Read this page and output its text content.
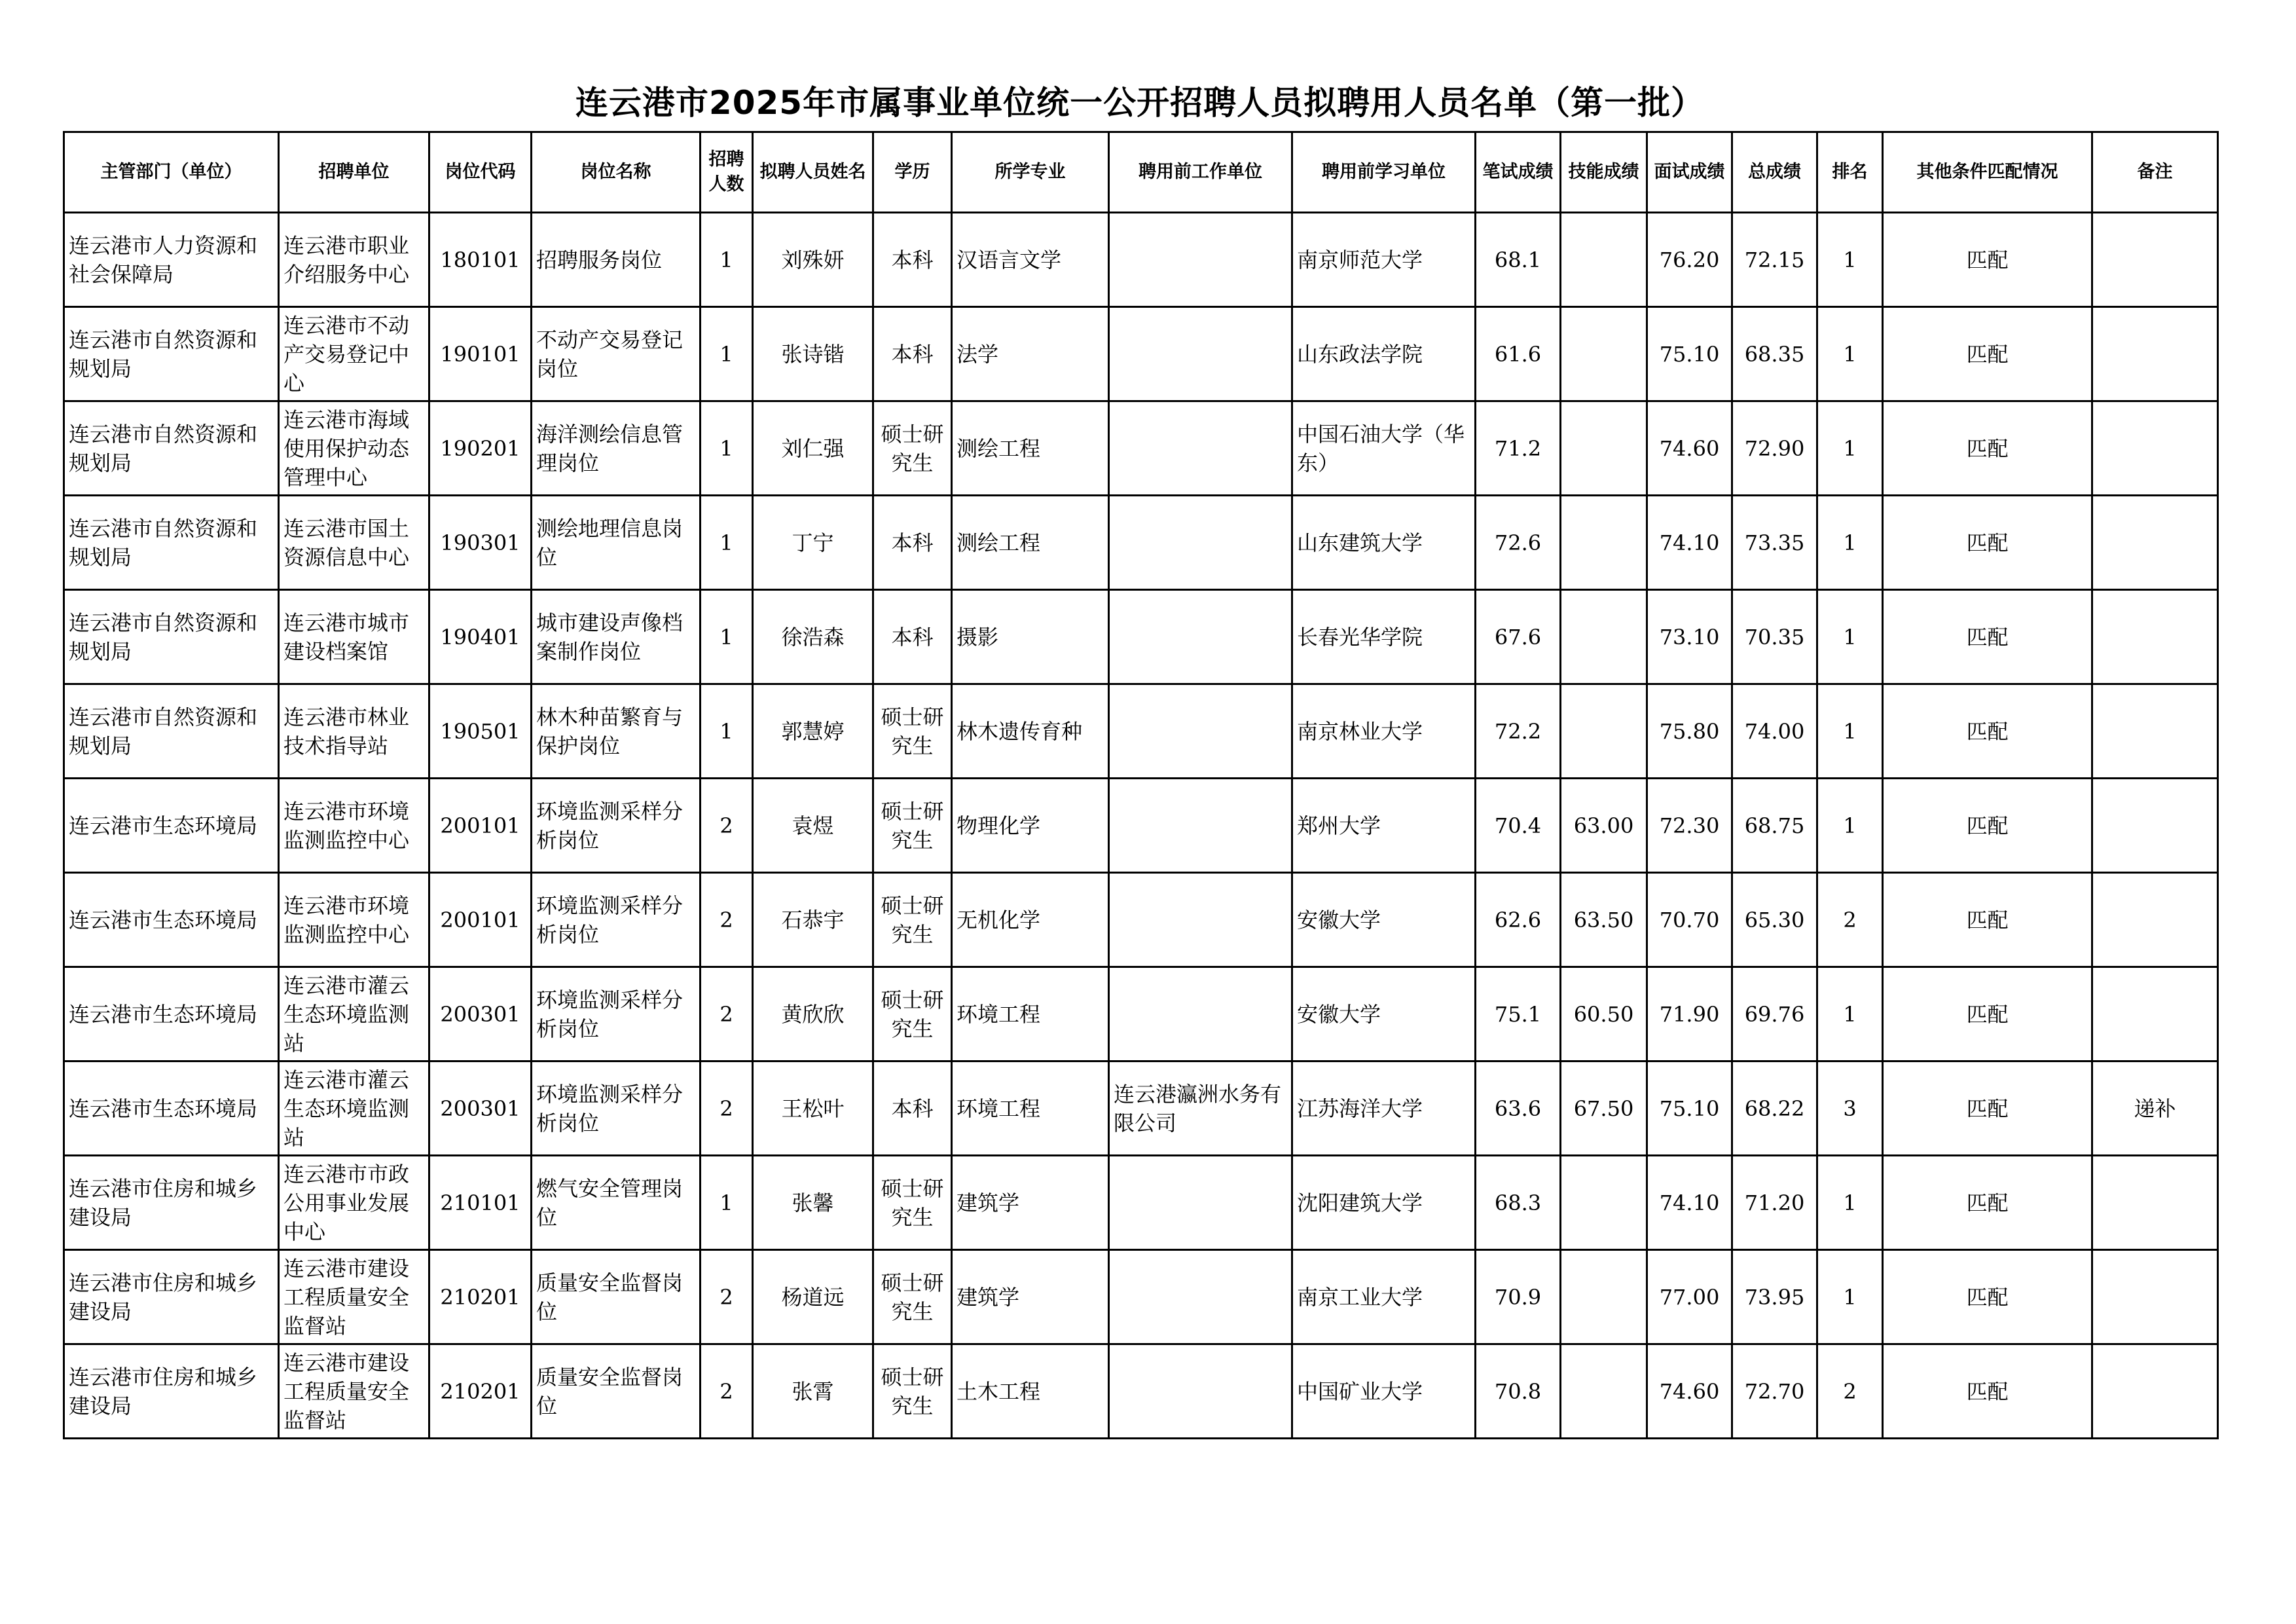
连云港市2025年市属事业单位统一公开招聘人员拟聘用人员名单（第一批）
主管部门（单位）	招聘单位	岗位代码	岗位名称	招聘人数	拟聘人员姓名	学历	所学专业	聘用前工作单位	聘用前学习单位	笔试成绩	技能成绩	面试成绩	总成绩	排名	其他条件匹配情况	备注
连云港市人力资源和社会保障局	连云港市职业介绍服务中心	180101	招聘服务岗位	1	刘殊妍	本科	汉语言文学		南京师范大学	68.1		76.20	72.15	1	匹配	
连云港市自然资源和规划局	连云港市不动产交易登记中心	190101	不动产交易登记岗位	1	张诗锴	本科	法学		山东政法学院	61.6		75.10	68.35	1	匹配	
连云港市自然资源和规划局	连云港市海域使用保护动态管理中心	190201	海洋测绘信息管理岗位	1	刘仁强	硕士研究生	测绘工程		中国石油大学（华东）	71.2		74.60	72.90	1	匹配	
连云港市自然资源和规划局	连云港市国土资源信息中心	190301	测绘地理信息岗位	1	丁宁	本科	测绘工程		山东建筑大学	72.6		74.10	73.35	1	匹配	
连云港市自然资源和规划局	连云港市城市建设档案馆	190401	城市建设声像档案制作岗位	1	徐浩森	本科	摄影		长春光华学院	67.6		73.10	70.35	1	匹配	
连云港市自然资源和规划局	连云港市林业技术指导站	190501	林木种苗繁育与保护岗位	1	郭慧婷	硕士研究生	林木遗传育种		南京林业大学	72.2		75.80	74.00	1	匹配	
连云港市生态环境局	连云港市环境监测监控中心	200101	环境监测采样分析岗位	2	袁煜	硕士研究生	物理化学		郑州大学	70.4	63.00	72.30	68.75	1	匹配	
连云港市生态环境局	连云港市环境监测监控中心	200101	环境监测采样分析岗位	2	石恭宇	硕士研究生	无机化学		安徽大学	62.6	63.50	70.70	65.30	2	匹配	
连云港市生态环境局	连云港市灌云生态环境监测站	200301	环境监测采样分析岗位	2	黄欣欣	硕士研究生	环境工程		安徽大学	75.1	60.50	71.90	69.76	1	匹配	
连云港市生态环境局	连云港市灌云生态环境监测站	200301	环境监测采样分析岗位	2	王松叶	本科	环境工程	连云港瀛洲水务有限公司	江苏海洋大学	63.6	67.50	75.10	68.22	3	匹配	递补
连云港市住房和城乡建设局	连云港市市政公用事业发展中心	210101	燃气安全管理岗位	1	张馨	硕士研究生	建筑学		沈阳建筑大学	68.3		74.10	71.20	1	匹配	
连云港市住房和城乡建设局	连云港市建设工程质量安全监督站	210201	质量安全监督岗位	2	杨道远	硕士研究生	建筑学		南京工业大学	70.9		77.00	73.95	1	匹配	
连云港市住房和城乡建设局	连云港市建设工程质量安全监督站	210201	质量安全监督岗位	2	张霄	硕士研究生	土木工程		中国矿业大学	70.8		74.60	72.70	2	匹配	
